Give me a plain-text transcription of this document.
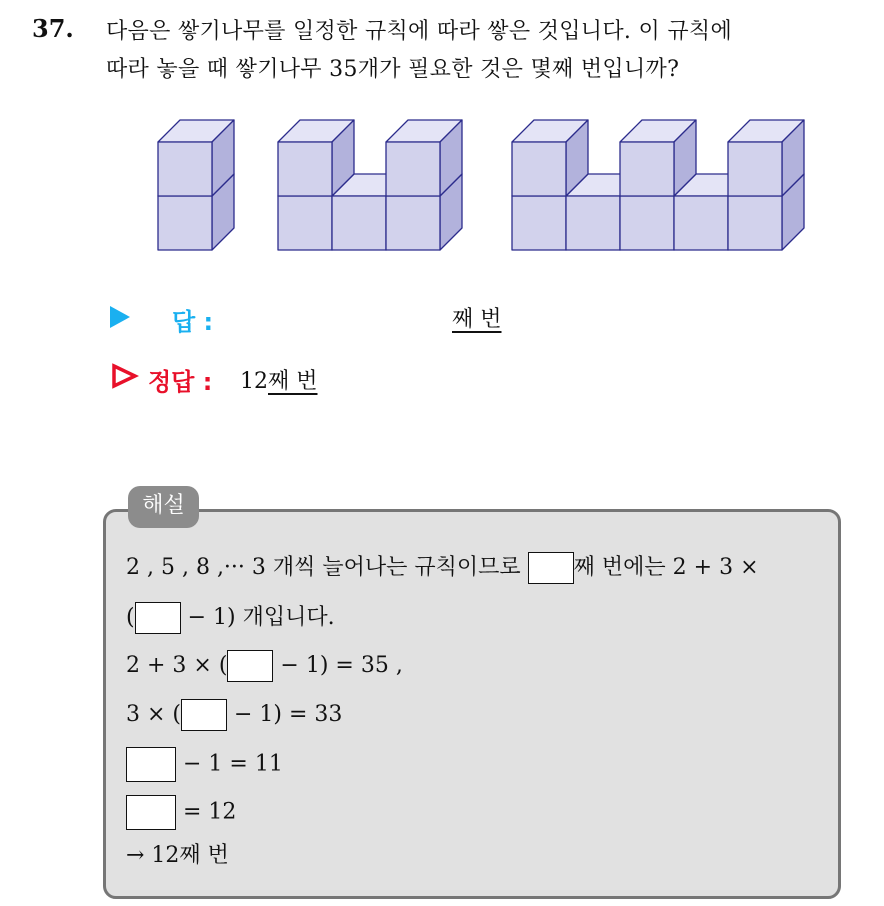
37. 다음은 쌓기나무를 일정한 규칙에 따라 쌓은 것입니다. 이 규칙에
따라 놓을 때 쌓기나무 35개가 필요한 것은 몇째 번입니까?
답 :	째 번
정답 : 12째 번
해설
2 , 5 , 8 ,··· 3 개씩 늘어나는 규칙이므로 째 번에는 2 + 3 ×
( − 1) 개입니다.
2 + 3 × ( − 1) = 35 ,
3 × ( − 1) = 33
− 1 = 11
= 12
→ 12째 번
